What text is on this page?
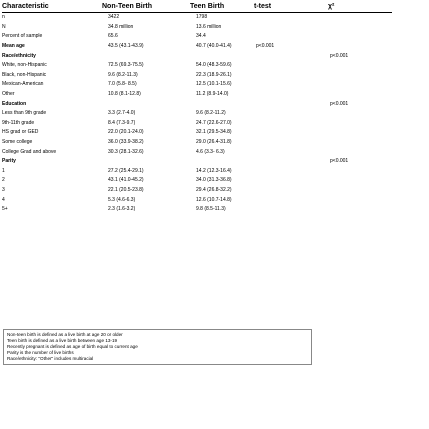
Characteristic	Non-Teen Birth	Teen Birth	t-test	χ²
n	3422	1798		
N	34.8 million	13.6 million		
Percent of sample	65.6	34.4		
Mean age	43.5 (43.1-43.9)	40.7 (40.0-41.4)	p<0.001	
Race/ethnicity				p<0.001
White, non-Hispanic	72.5 (69.3-75.5)	54.0 (48.3-59.6)		
Black, non-Hispanic	9.6 (8.2-11.3)	22.3 (18.9-26.1)		
Mexican-American	7.0 (5.8- 8.5)	12.5 (10.1-15.6)		
Other	10.8 (8.1-12.8)	11.2 (8.9-14.0)		
Education				p<0.001
Less than 9th grade	3.3 (2.7-4.0)	9.6 (8.2-11.2)		
9th-11th grade	8.4 (7.3-9.7)	24.7 (22.6-27.0)		
HS grad or GED	22.0 (20.1-24.0)	32.1 (29.5-34.8)		
Some college	36.0 (33.9-38.2)	29.0 (26.4-31.8)		
College Grad and above	30.3 (28.1-32.6)	4.6 (3.3- 6.3)		
Parity				p<0.001
1	27.2 (25.4-29.1)	14.2 (12.3-16.4)		
2	43.1 (41.0-45.2)	34.0 (31.3-36.8)		
3	22.1 (20.5-23.8)	29.4 (26.8-32.2)		
4	5.3 (4.6-6.3)	12.6 (10.7-14.8)		
5+	2.3 (1.6-3.2)	9.8 (8.5-11.3)		
Non-teen birth is defined as a live birth at age 20 or older
Teen birth is defined as a live birth between age 13-19
Recently pregnant is defined as age of birth equal to current age
Parity is the number of live births
Race/ethnicity: "Other" includes multiracial
